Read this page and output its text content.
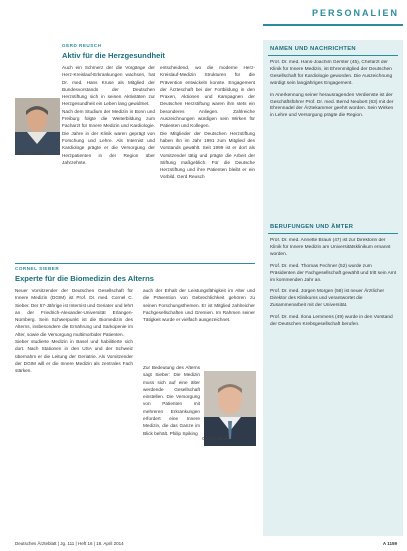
PERSONALIEN
GERD REUSCH
Aktiv für die Herzgesundheit
Gerd Reusch

Auch ein Schmerz der die Vorgänge der Herz-Kreislauf-Erkrankungen wachsen, hat Dr. med. Hans Kruse als Mitglied der Bundesvorstands der Deutschen Herzstiftung sich in seinen Aktivitäten zur Herzgesundheit ein Leben lang gewidmet.

Nach dem Studium der Medizin in Bonn und Freiburg folgte die Weiterbildung zum Facharzt für Innere Medizin und Kardiologie. Die Jahre in der Klinik waren geprägt von Forschung und Lehre. Als Internist und Kardiologe prägte er die Versorgung der Herzpatienten in der Region über Jahrzehnte.

entscheidend, wo die moderne Herz-Kreislauf-Medizin Strukturen für die Prävention entwickeln konnte. Engagement der Ärzteschaft bei der Fortbildung in den Praxen, Aktionen und Kampagnen der Deutschen Herzstiftung waren ihm stets ein besonderes Anliegen. Zahlreiche Auszeichnungen würdigen sein Wirken für Patienten und Kollegen.

Die Mitglieder der Deutschen Herzstiftung haben ihn im Jahr 1991 zum Mitglied des Vorstands gewählt. Seit 1999 ist er dort als Vorsitzender tätig und prägte die Arbeit der Stiftung maßgeblich. Für die Deutsche Herzstiftung und ihre Patienten bleibt er ein Vorbild. Gerd Reusch

CORNEL SIEBER
Experte für die Biomedizin des Alterns

Neuer Vorsitzender der Deutschen Gesellschaft für Innere Medizin (DGIM) ist Prof. Dr. med. Cornel C. Sieber. Der 57-Jährige ist Internist und Geriater und lehrt an der Friedrich-Alexander-Universität Erlangen-Nürnberg. Sein Schwerpunkt ist die Biomedizin des Alterns, insbesondere die Ernährung und Sarkopenie im Alter, sowie die Versorgung multimorbider Patienten.

Sieber studierte Medizin in Basel und habilitierte sich dort. Nach Stationen in den USA und der Schweiz übernahm er die Leitung der Geriatrie. Als Vorsitzender der DGIM will er die Innere Medizin als zentrales Fach stärken.

auch der Erhalt der Leistungsfähigkeit im Alter und die Prävention von Gebrechlichkeit gehören zu seinen Forschungsthemen. Er ist Mitglied zahlreicher Fachgesellschaften und Gremien. Im Rahmen seiner Tätigkeit wurde er vielfach ausgezeichnet.
Zur Bedeutung des Alterns sagt Sieber: Die Medizin muss sich auf eine älter werdende Gesellschaft einstellen. Die Versorgung von Patienten mit mehreren Erkrankungen erfordert eine Innere Medizin, die das Ganze im Blick behält. Philip Spiking
Cornel Sieber
NAMEN UND NACHRICHTEN

Prof. Dr. med. Hans-Joachim Gerster (45), Chefarzt der Klinik für Innere Medizin, ist Ehrenmitglied der Deutschen Gesellschaft für Kardiologie geworden. Die Auszeichnung würdigt sein langjähriges Engagement.

In Anerkennung seiner herausragenden Verdienste ist der Geschäftsführer Prof. Dr. med. Bernd Neubert (63) mit der Ehrennadel der Ärztekammer geehrt worden. Sein Wirken in Lehre und Versorgung prägte die Region.

BERUFUNGEN UND ÄMTER

Prof. Dr. med. Annette Braun (47) ist zur Direktorin der Klinik für Innere Medizin am Universitätsklinikum ernannt worden.

Prof. Dr. med. Thomas Fechner (52) wurde zum Präsidenten der Fachgesellschaft gewählt und tritt sein Amt im kommenden Jahr an.

Prof. Dr. med. Jürgen Morgen (58) ist neuer Ärztlicher Direktor des Klinikums und verantwortet die Zusammenarbeit mit der Universität.

Prof. Dr. med. Ilona Lemmens (49) wurde in den Vorstand der Deutschen Krebsgesellschaft berufen.

Deutsches Ärzteblatt | Jg. 111 | Heft 16 | 18. April 2014	A 1159
